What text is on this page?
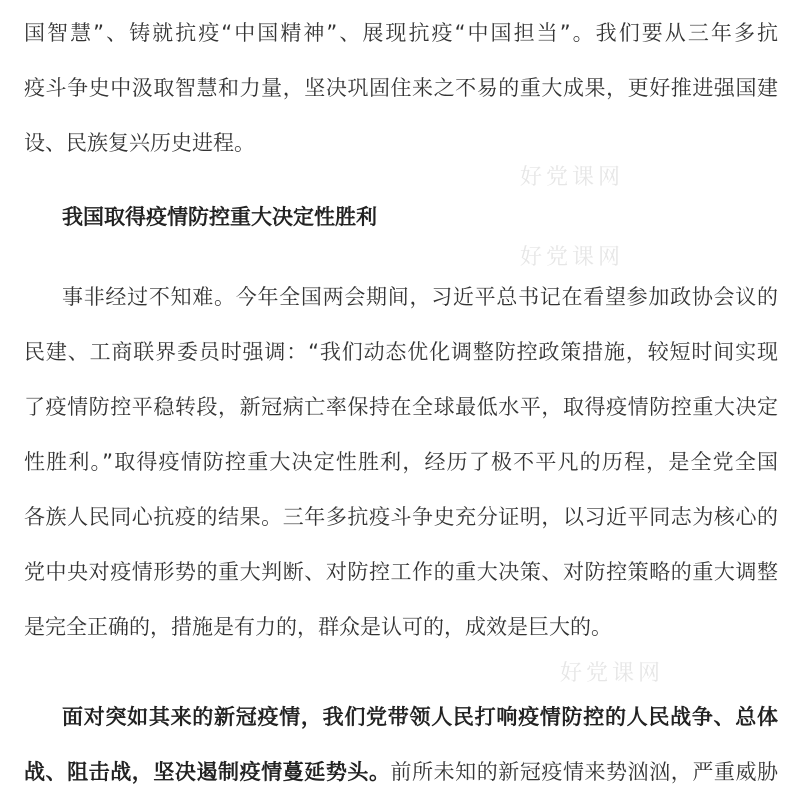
好党课网
好党课网
好党课网
国智慧”、铸就抗疫“中国精神”、展现抗疫“中国担当”。我们要从三年多抗
疫斗争史中汲取智慧和力量，坚决巩固住来之不易的重大成果，更好推进强国建
设、民族复兴历史进程。
我国取得疫情防控重大决定性胜利
事非经过不知难。今年全国两会期间，习近平总书记在看望参加政协会议的
民建、工商联界委员时强调：“我们动态优化调整防控政策措施，较短时间实现
了疫情防控平稳转段，新冠病亡率保持在全球最低水平，取得疫情防控重大决定
性胜利。”取得疫情防控重大决定性胜利，经历了极不平凡的历程，是全党全国
各族人民同心抗疫的结果。三年多抗疫斗争史充分证明，以习近平同志为核心的
党中央对疫情形势的重大判断、对防控工作的重大决策、对防控策略的重大调整
是完全正确的，措施是有力的，群众是认可的，成效是巨大的。
面对突如其来的新冠疫情，我们党带领人民打响疫情防控的人民战争、总体
战、阻击战，坚决遏制疫情蔓延势头。前所未知的新冠疫情来势汹汹，严重威胁
